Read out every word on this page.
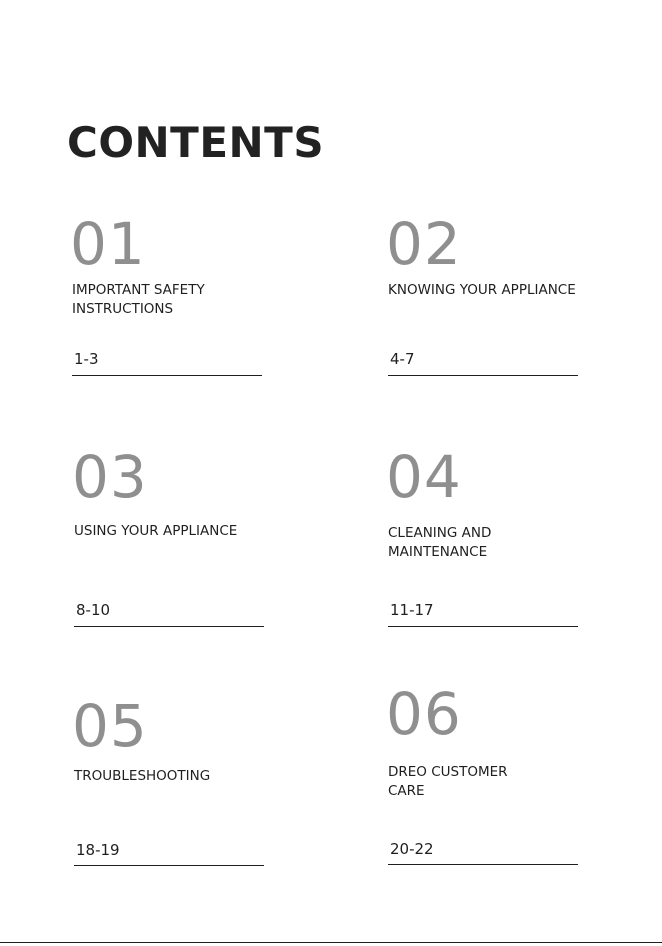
CONTENTS
01
IMPORTANT SAFETY
INSTRUCTIONS
1-3
02
KNOWING YOUR APPLIANCE
4-7
03
USING YOUR APPLIANCE
8-10
04
CLEANING AND
MAINTENANCE
11-17
05
TROUBLESHOOTING
18-19
06
DREO CUSTOMER
CARE
20-22
